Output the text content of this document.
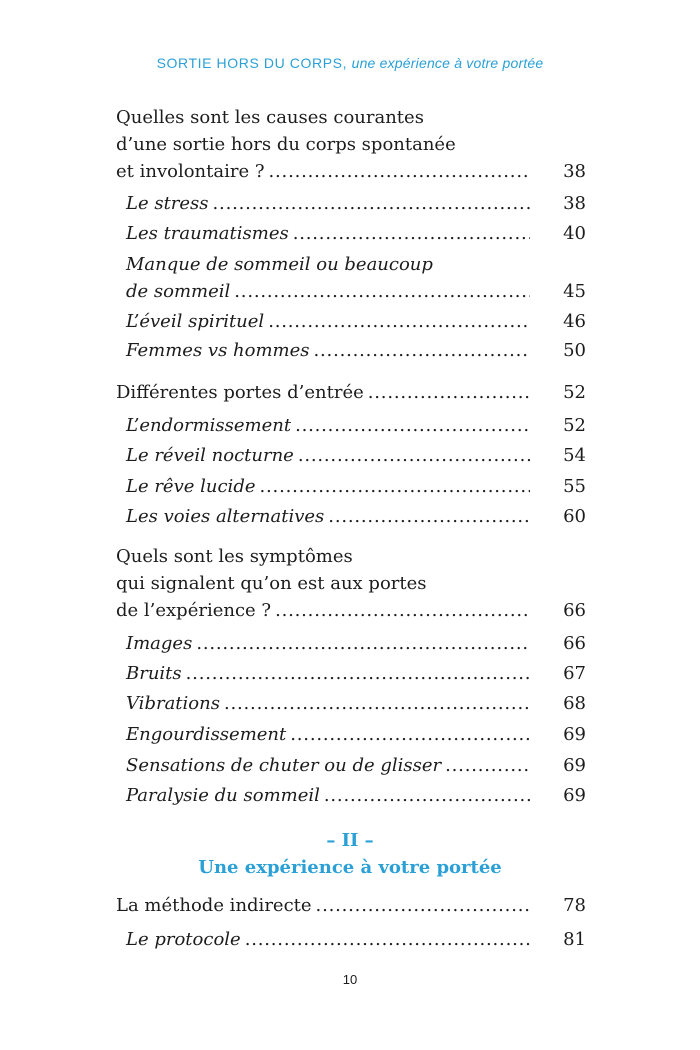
SORTIE HORS DU CORPS, une expérience à votre portée
Quelles sont les causes courantes
d’une sortie hors du corps spontanée
et involontaire ? .....	38
Le stress .....	38
Les traumatismes .....	40
Manque de sommeil ou beaucoup
de sommeil .....	45
L’éveil spirituel .....	46
Femmes vs hommes .....	50
Différentes portes d’entrée .....	52
L’endormissement .....	52
Le réveil nocturne .....	54
Le rêve lucide .....	55
Les voies alternatives .....	60
Quels sont les symptômes
qui signalent qu’on est aux portes
de l’expérience ? .....	66
Images .....	66
Bruits .....	67
Vibrations .....	68
Engourdissement .....	69
Sensations de chuter ou de glisser .....	69
Paralysie du sommeil .....	69
La méthode indirecte .....	78
Le protocole .....	81
– II –
Une expérience à votre portée
10
